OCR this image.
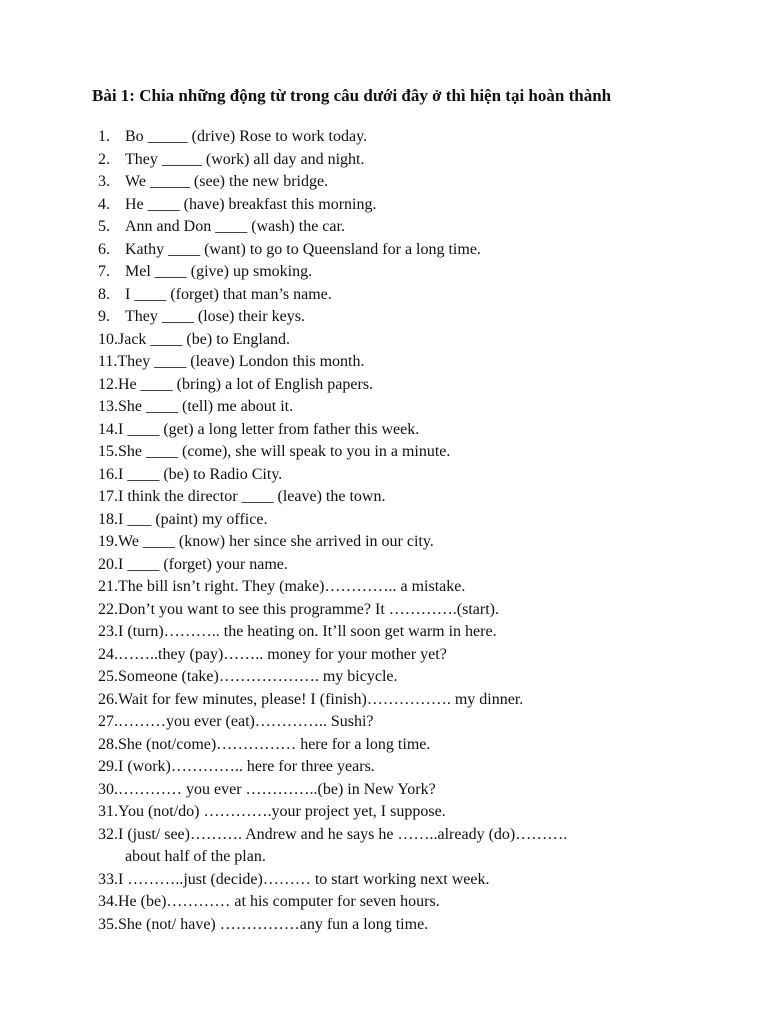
Bài 1: Chia những động từ trong câu dưới đây ở thì hiện tại hoàn thành
1. Bo _____ (drive) Rose to work today.
2. They _____ (work) all day and night.
3. We _____ (see) the new bridge.
4. He ____ (have) breakfast this morning.
5. Ann and Don ____ (wash) the car.
6. Kathy ____ (want) to go to Queensland for a long time.
7. Mel ____ (give) up smoking.
8. I ____ (forget) that man’s name.
9. They ____ (lose) their keys.
10. Jack ____ (be) to England.
11. They ____ (leave) London this month.
12. He ____ (bring) a lot of English papers.
13. She ____ (tell) me about it.
14. I ____ (get) a long letter from father this week.
15. She ____ (come), she will speak to you in a minute.
16. I ____ (be) to Radio City.
17. I think the director ____ (leave) the town.
18. I ___ (paint) my office.
19. We ____ (know) her since she arrived in our city.
20. I ____ (forget) your name.
21. The bill isn’t right. They (make)………….. a mistake.
22. Don’t you want to see this programme? It ………….(start).
23. I (turn)……….. the heating on. It’ll soon get warm in here.
24. ……..they (pay)…….. money for your mother yet?
25. Someone (take)………………. my bicycle.
26. Wait for few minutes, please! I (finish)……………. my dinner.
27. ………you ever (eat)………….. Sushi?
28. She (not/come)…………… here for a long time.
29. I (work)………….. here for three years.
30. ………… you ever …………..(be) in New York?
31. You (not/do) ………….your project yet, I suppose.
32. I (just/ see)………. Andrew and he says he ……..already (do)……….
about half of the plan.
33. I ………..just (decide)……… to start working next week.
34. He (be)………… at his computer for seven hours.
35. She (not/ have) ……………any fun a long time.
